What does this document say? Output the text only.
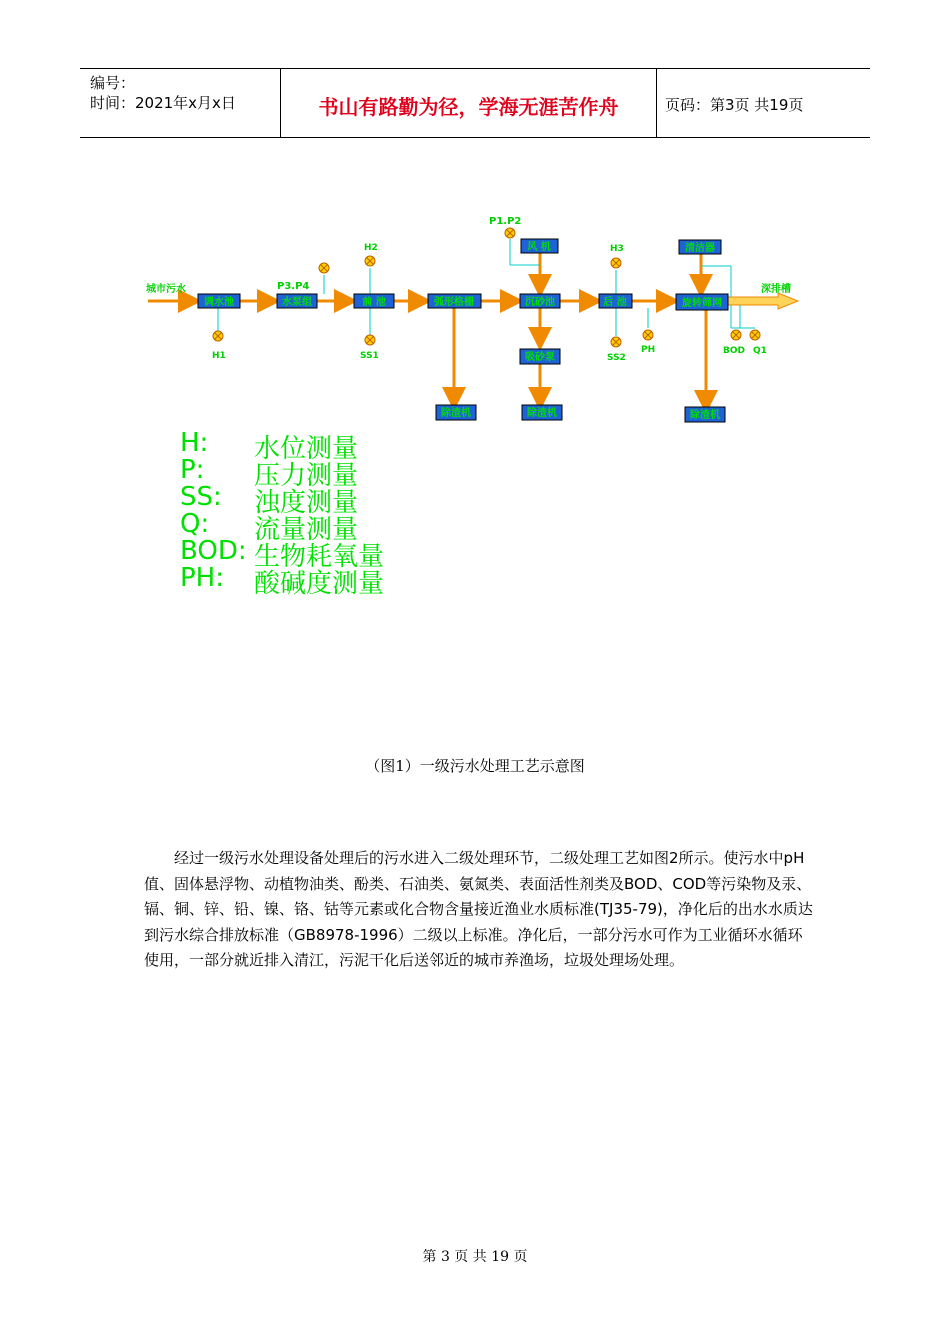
编号：
时间：2021年x月x日	书山有路勤为径，学海无涯苦作舟	页码：第3页 共19页
调水池	水泵组	前 池	弧形格栅	沉砂池	后 池	旋转筛网
风 机	清洁器
吸砂泵
除渣机	除渣机	除渣机
城市污水	深排槽
H1
H2	H3
P3.P4
P1.P2
SS1	SS2
PH	BOD Q1
H: 水位测量
P: 压力测量
SS: 浊度测量
Q: 流量测量
BOD: 生物耗氧量
PH: 酸碱度测量
（图1）一级污水处理工艺示意图

经过一级污水处理设备处理后的污水进入二级处理环节，二级处理工艺如图2所示。使污水中pH值、固体悬浮物、动植物油类、酚类、石油类、氨氮类、表面活性剂类及BOD、COD等污染物及汞、镉、铜、锌、铅、镍、铬、钴等元素或化合物含量接近渔业水质标准(TJ35-79)，净化后的出水水质达到污水综合排放标准（GB8978-1996）二级以上标准。净化后，一部分污水可作为工业循环水循环使用，一部分就近排入清江，污泥干化后送邻近的城市养渔场，垃圾处理场处理。

第 3 页 共 19 页
